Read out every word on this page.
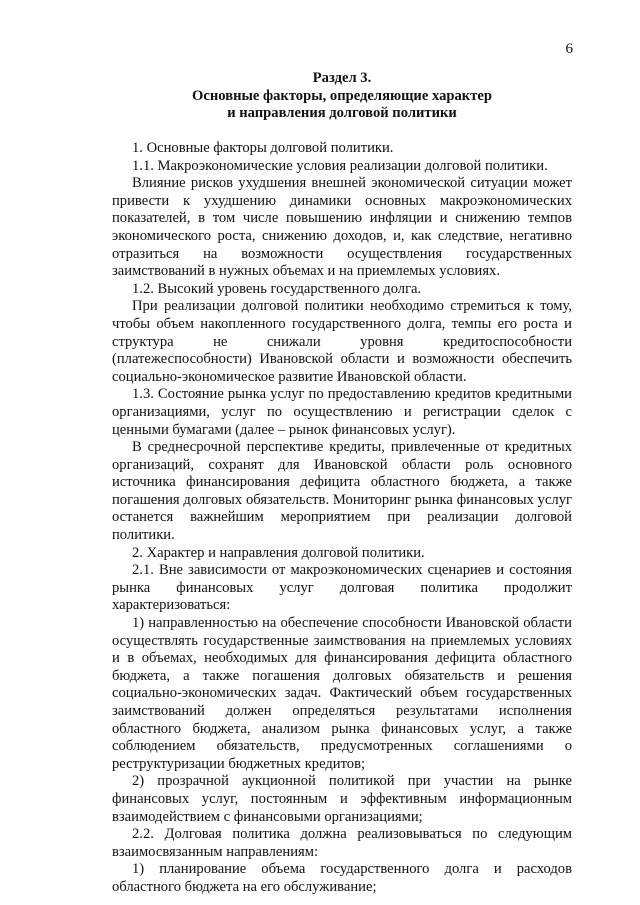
6
Раздел 3.
Основные факторы, определяющие характер
и направления долговой политики

1. Основные факторы долговой политики.

1.1. Макроэкономические условия реализации долговой политики.

Влияние рисков ухудшения внешней экономической ситуации может привести к ухудшению динамики основных макроэкономических показателей, в том числе повышению инфляции и снижению темпов экономического роста, снижению доходов, и, как следствие, негативно отразиться на возможности осуществления государственных заимствований в нужных объемах и на приемлемых условиях.

1.2. Высокий уровень государственного долга.

При реализации долговой политики необходимо стремиться к тому, чтобы объем накопленного государственного долга, темпы его роста и структура не снижали уровня кредитоспособности (платежеспособности) Ивановской области и возможности обеспечить социально-экономическое развитие Ивановской области.

1.3. Состояние рынка услуг по предоставлению кредитов кредитными организациями, услуг по осуществлению и регистрации сделок с ценными бумагами (далее – рынок финансовых услуг).

В среднесрочной перспективе кредиты, привлеченные от кредитных организаций, сохранят для Ивановской области роль основного источника финансирования дефицита областного бюджета, а также погашения долговых обязательств. Мониторинг рынка финансовых услуг останется важнейшим мероприятием при реализации долговой политики.

2. Характер и направления долговой политики.

2.1. Вне зависимости от макроэкономических сценариев и состояния рынка финансовых услуг долговая политика продолжит характеризоваться:

1) направленностью на обеспечение способности Ивановской области осуществлять государственные заимствования на приемлемых условиях и в объемах, необходимых для финансирования дефицита областного бюджета, а также погашения долговых обязательств и решения социально-экономических задач. Фактический объем государственных заимствований должен определяться результатами исполнения областного бюджета, анализом рынка финансовых услуг, а также соблюдением обязательств, предусмотренных соглашениями о реструктуризации бюджетных кредитов;

2) прозрачной аукционной политикой при участии на рынке финансовых услуг, постоянным и эффективным информационным взаимодействием с финансовыми организациями;

2.2. Долговая политика должна реализовываться по следующим взаимосвязанным направлениям:

1) планирование объема государственного долга и расходов областного бюджета на его обслуживание;
